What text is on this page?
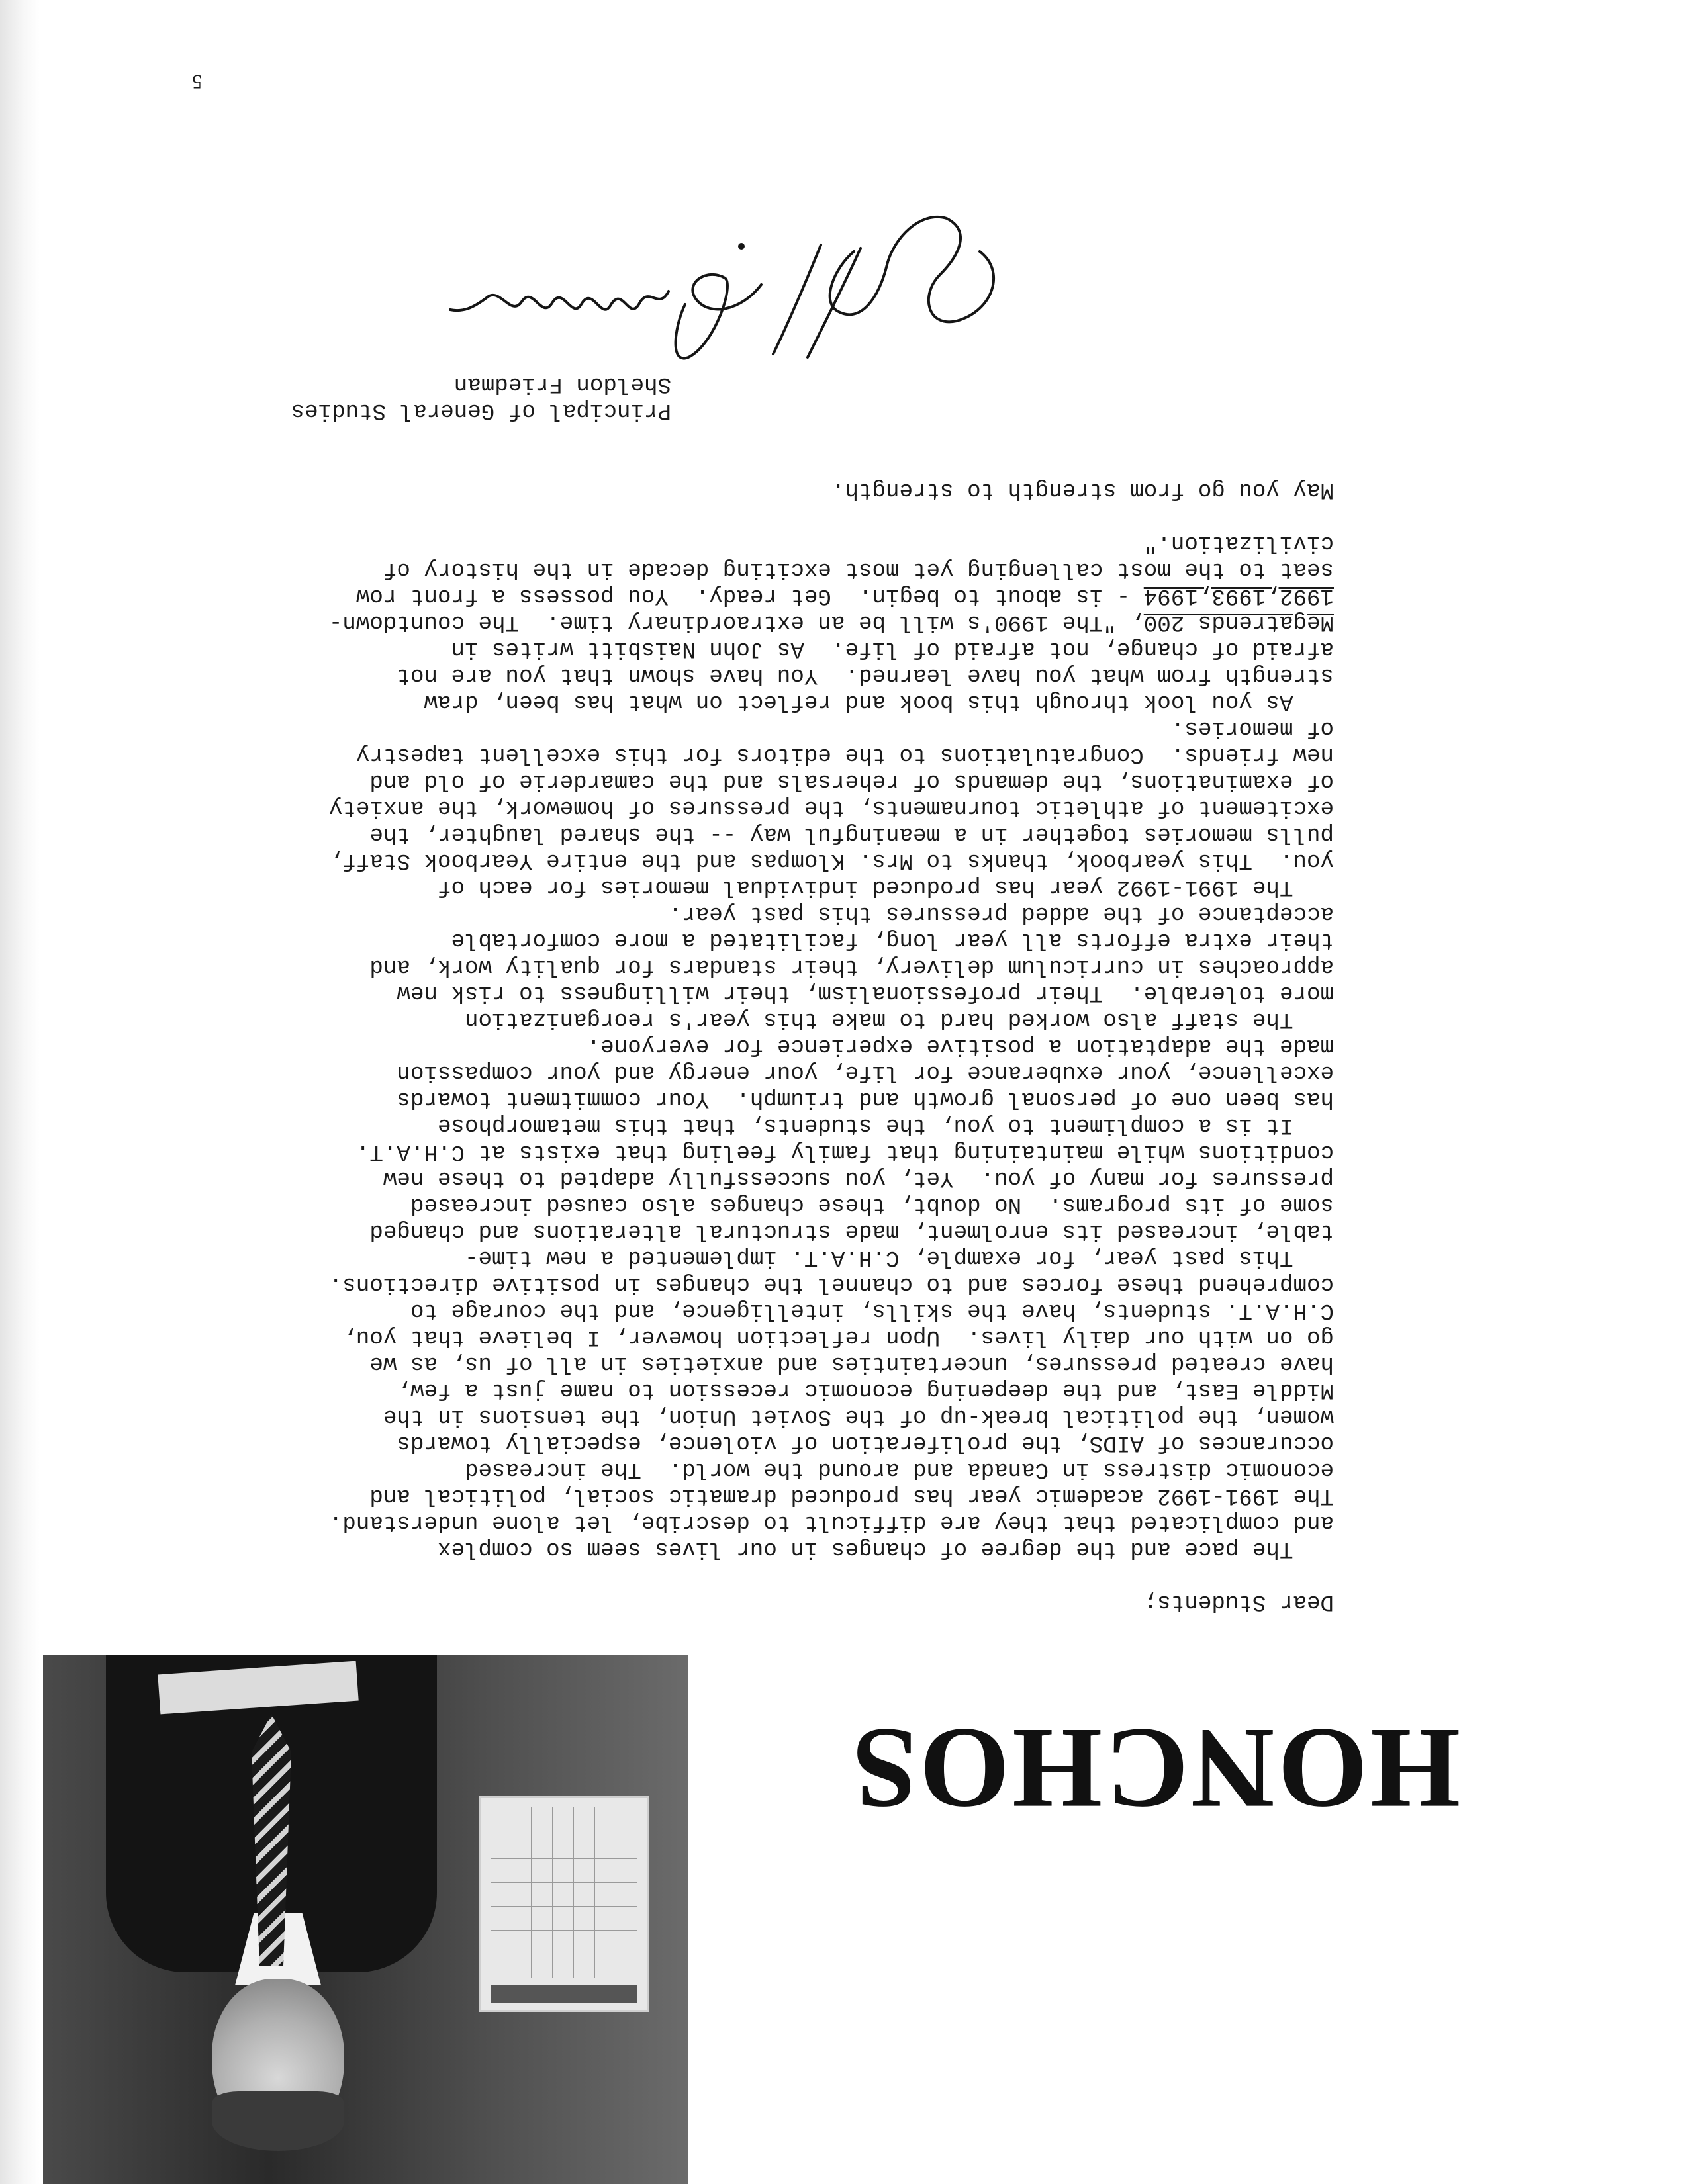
HONCHOS
Dear Students;

The pace and the degree of changes in our lives seem so complex
and complicated that they are difficult to describe, let alone understand.
The 1991-1992 academic year has produced dramatic social, political and
economic distress in Canada and around the world.  The increased
occurances of AIDS, the proliferation of violence, especially towards
women, the political break-up of the Soviet Union, the tensions in the
Middle East, and the deepening economic recession to name just a few,
have created pressures, uncertainties and anxieties in all of us, as we
go on with our daily lives.  Upon reflection however, I believe that you,
C.H.A.T. students, have the skills, intelligence, and the courage to
comprehend these forces and to channel the changes in positive directions.
This past year, for example, C.H.A.T. implemented a new time-
table, increased its enrolment, made structural alterations and changed
some of its programs.  No doubt, these changes also caused increased
pressures for many of you.  Yet, you successfully adapted to these new
conditions while maintaining that family feeling that exists at C.H.A.T.
It is a compliment to you, the students, that this metamorphose
has been one of personal growth and triumph.  Your commitment towards
excellence, your exuberance for life, your energy and your compassion
made the adaptation a positive experience for everyone.
The staff also worked hard to make this year's reorganization
more tolerable.  Their professionalism, their willingness to risk new
approaches in curriculum delivery, their standars for quality work, and
their extra efforts all year long, facilitated a more comfortable
acceptance of the added pressures this past year.
The 1991-1992 year has produced individual memories for each of
you.  This yearbook, thanks to Mrs. Klompas and the entire Yearbook Staff,
pulls memories together in a meaningful way -- the shared laughter, the
excitement of athletic tournaments, the pressures of homework, the anxiety
of examinations, the demands of rehersals and the camarderie of old and
new friends.  Congratulations to the editors for this excellent tapestry
of memories.
As you look through this book and reflect on what has been, draw
strength from what you have learned.  You have shown that you are not
afraid of change, not afraid of life.  As John Naisbitt writes in
Megatrends 200, "The 1990's will be an extraordinary time.  The countdown-
1992,1993,1994 - is about to begin.  Get ready.  You possess a front row
seat to the most callenging yet most exciting decade in the history of
civilization."

May you go from strength to strength.

Principal of General Studies
Sheldon Friedman
5
